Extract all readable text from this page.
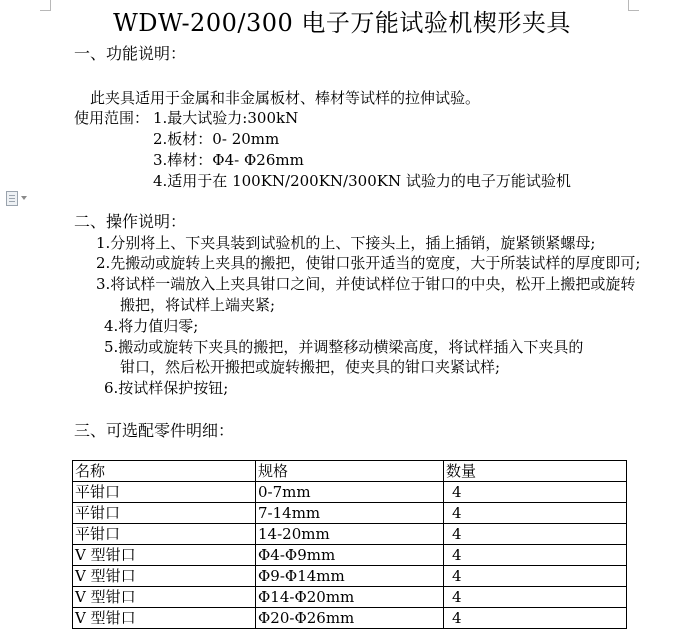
WDW-200/300 电子万能试验机楔形夹具
一、功能说明：
此夹具适用于金属和非金属板材、棒材等试样的拉伸试验。
使用范围： 1.最大试验力:300kN
2.板材：0- 20mm
3.棒材：Φ4- Φ26mm
4.适用于在 100KN/200KN/300KN 试验力的电子万能试验机
二、操作说明：
1.分别将上、下夹具装到试验机的上、下接头上，插上插销，旋紧锁紧螺母;
2.先搬动或旋转上夹具的搬把，使钳口张开适当的宽度，大于所装试样的厚度即可;
3.将试样一端放入上夹具钳口之间，并使试样位于钳口的中央，松开上搬把或旋转
搬把，将试样上端夹紧;
4.将力值归零;
5.搬动或旋转下夹具的搬把，并调整移动横梁高度，将试样插入下夹具的
钳口，然后松开搬把或旋转搬把，使夹具的钳口夹紧试样;
6.按试样保护按钮;
三、可选配零件明细：
名称	规格	数量
平钳口	0-7mm	4
平钳口	7-14mm	4
平钳口	14-20mm	4
V 型钳口	Φ4-Φ9mm	4
V 型钳口	Φ9-Φ14mm	4
V 型钳口	Φ14-Φ20mm	4
V 型钳口	Φ20-Φ26mm	4
